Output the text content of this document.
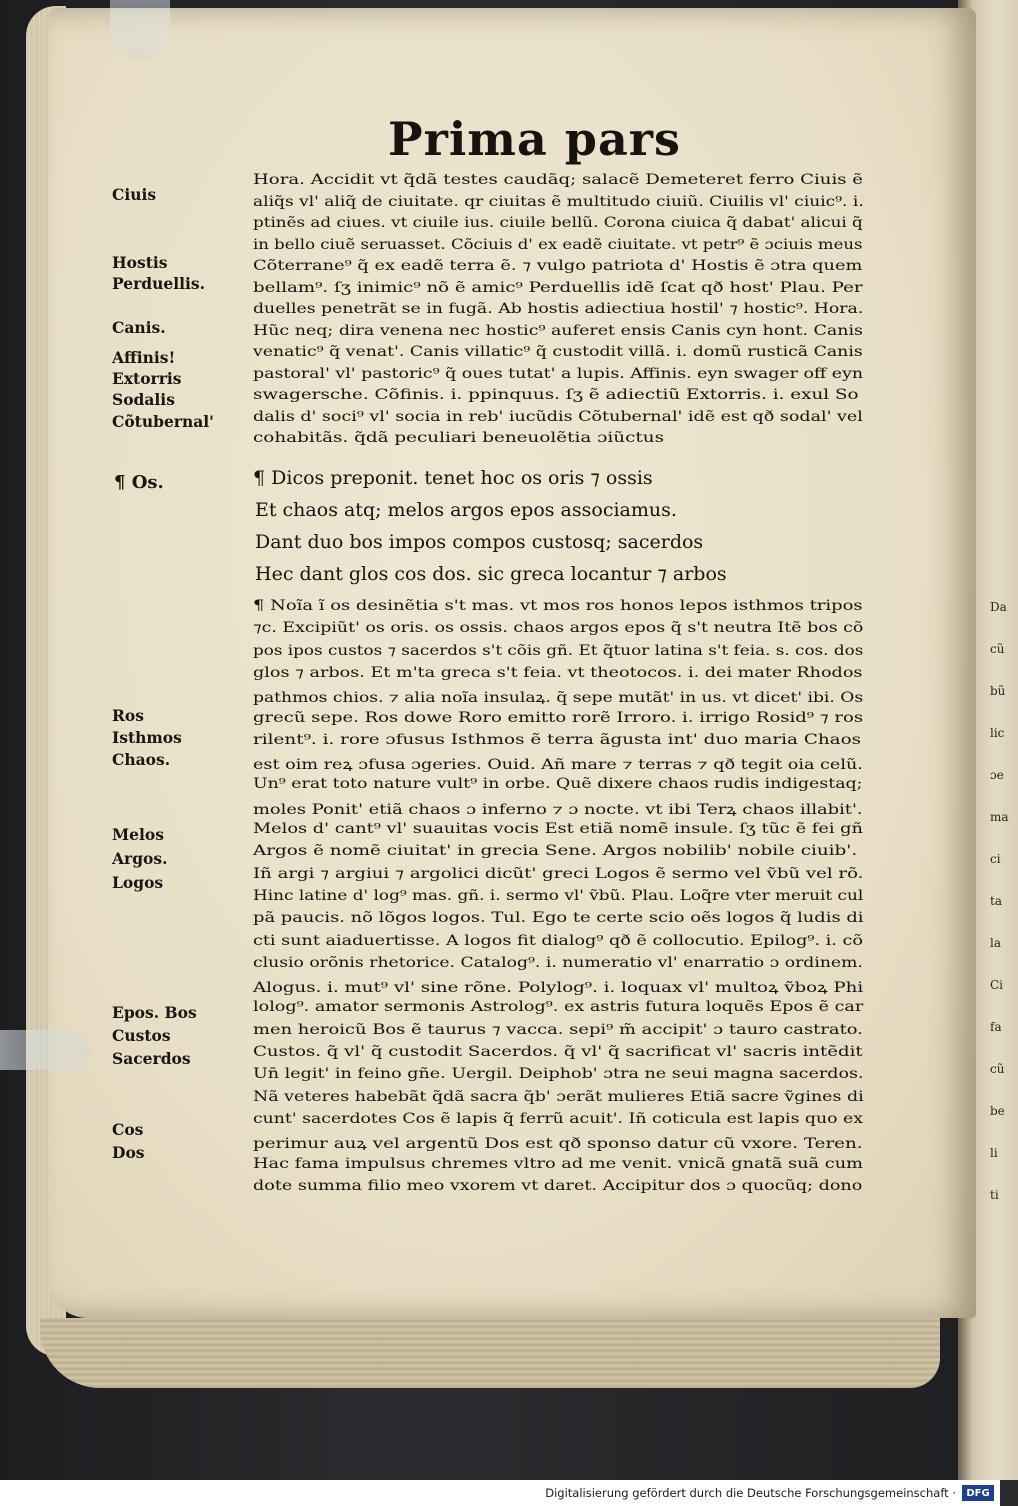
Da
cũ
bũ
lic
ɔe
ma
ci
ta
la
Ci
fa
cũ
be
li
ti
Prima pars
Ciuis
Hostis
Perduellis.
Canis.
Affinis!
Extorris
Sodalis
Cõtubernal'
¶ Os.
Ros
Isthmos
Chaos.
Melos
Argos.
Logos
Epos. Bos
Custos
Sacerdos
Cos
Dos
Hora. Accidit vt q̃dã testes caudãq; salacẽ Demeteret ferro Ciuis ẽ
aliq̃s vl' aliq̃ de ciuitate. qr ciuitas ẽ multitudo ciuiũ. Ciuilis vl' ciuic⁹. i.
ptinẽs ad ciues. vt ciuile ius. ciuile bellũ. Corona ciuica q̃ dabat' alicui q̃
in bello ciuẽ seruasset. Cõciuis d' ex eadẽ ciuitate. vt petr⁹ ẽ ɔciuis meus
Cõterrane⁹ q̃ ex eadẽ terra ẽ. ⁊ vulgo patriota d' Hostis ẽ ɔtra quem
bellam⁹. ſʒ inimic⁹ nõ ẽ amic⁹ Perduellis idẽ ſcat qð host' Plau. Per
duelles penetrãt se in fugã. Ab hostis adiectiua hostil' ⁊ hostic⁹. Hora.
Hũc neq; dira venena nec hostic⁹ auferet ensis Canis cyn hont. Canis
venatic⁹ q̃ venat'. Canis villatic⁹ q̃ custodit villã. i. domũ rusticã Canis
pastoral' vl' pastoric⁹ q̃ oues tutat' a lupis. Affinis. eyn swager off eyn
swagersche. Cõfinis. i. ppinquus. ſʒ ẽ adiectiũ Extorris. i. exul So
dalis d' soci⁹ vl' socia in reb' iucũdis Cõtubernal' idẽ est qð sodal' vel
cohabitãs. q̃dã peculiari beneuolẽtia ɔiũctus
¶ Dicos preponit. tenet hoc os oris ⁊ ossis
Et chaos atq; melos argos epos associamus.
Dant duo bos impos compos custosq; sacerdos
Hec dant glos cos dos. sic greca locantur ⁊ arbos
¶ Noĩa ĩ os desinẽtia s't mas. vt mos ros honos lepos isthmos tripos
⁊c. Excipiũt' os oris. os ossis. chaos argos epos q̃ s't neutra Itẽ bos cõ
pos ipos custos ⁊ sacerdos s't cõis gñ. Et q̃tuor latina s't feia. s. cos. dos
glos ⁊ arbos. Et m'ta greca s't feia. vt theotocos. i. dei mater Rhodos
pathmos chios. ⁊ alia noĩa insulaꝝ. q̃ sepe mutãt' in us. vt dicet' ibi. Os
grecũ sepe. Ros dowe Roro emitto rorẽ Irroro. i. irrigo Rosid⁹ ⁊ ros
rilent⁹. i. rore ɔfusus Isthmos ẽ terra ãgusta int' duo maria Chaos
est oim reꝝ ɔfusa ɔgeries. Ouid. Añ mare ⁊ terras ⁊ qð tegit oia celũ.
Un⁹ erat toto nature vult⁹ in orbe. Quẽ dixere chaos rudis indigestaq;
moles Ponit' etiã chaos ɔ inferno ⁊ ɔ nocte. vt ibi Terꝝ chaos illabit'.
Melos d' cant⁹ vl' suauitas vocis Est etiã nomẽ insule. ſʒ tũc ẽ fei gñ
Argos ẽ nomẽ ciuitat' in grecia Sene. Argos nobilib' nobile ciuib'.
Iñ argi ⁊ argiui ⁊ argolici dicũt' greci Logos ẽ sermo vel ṽbũ vel rõ.
Hinc latine d' log⁹ mas. gñ. i. sermo vl' ṽbũ. Plau. Loq̃re vter meruit cul
pã paucis. nõ lõgos logos. Tul. Ego te certe scio oẽs logos q̃ ludis di
cti sunt aiaduertisse. A logos fit dialog⁹ qð ẽ collocutio. Epilog⁹. i. cõ
clusio orõnis rhetorice. Catalog⁹. i. numeratio vl' enarratio ɔ ordinem.
Alogus. i. mut⁹ vl' sine rõne. Polylog⁹. i. loquax vl' multoꝝ ṽboꝝ Phi
lolog⁹. amator sermonis Astrolog⁹. ex astris futura loquẽs Epos ẽ car
men heroicũ Bos ẽ taurus ⁊ vacca. sepi⁹ m̃ accipit' ɔ tauro castrato.
Custos. q̃ vl' q̃ custodit Sacerdos. q̃ vl' q̃ sacrificat vl' sacris intẽdit
Un̄ legit' in feino gñe. Uergil. Deiphob' ɔtra ne seui magna sacerdos.
Nã veteres habebãt q̃dã sacra q̃b' ɔerãt mulieres Etiã sacre ṽgines di
cunt' sacerdotes Cos ẽ lapis q̃ ferrũ acuit'. Iñ coticula est lapis quo ex
perimur auꝝ vel argentũ Dos est qð sponso datur cũ vxore. Teren.
Hac fama impulsus chremes vltro ad me venit. vnicã gnatã suã cum
dote summa filio meo vxorem vt daret. Accipitur dos ɔ quocũq; dono
Digitalisierung gefördert durch die Deutsche Forschungsgemeinschaft ·	DFG
